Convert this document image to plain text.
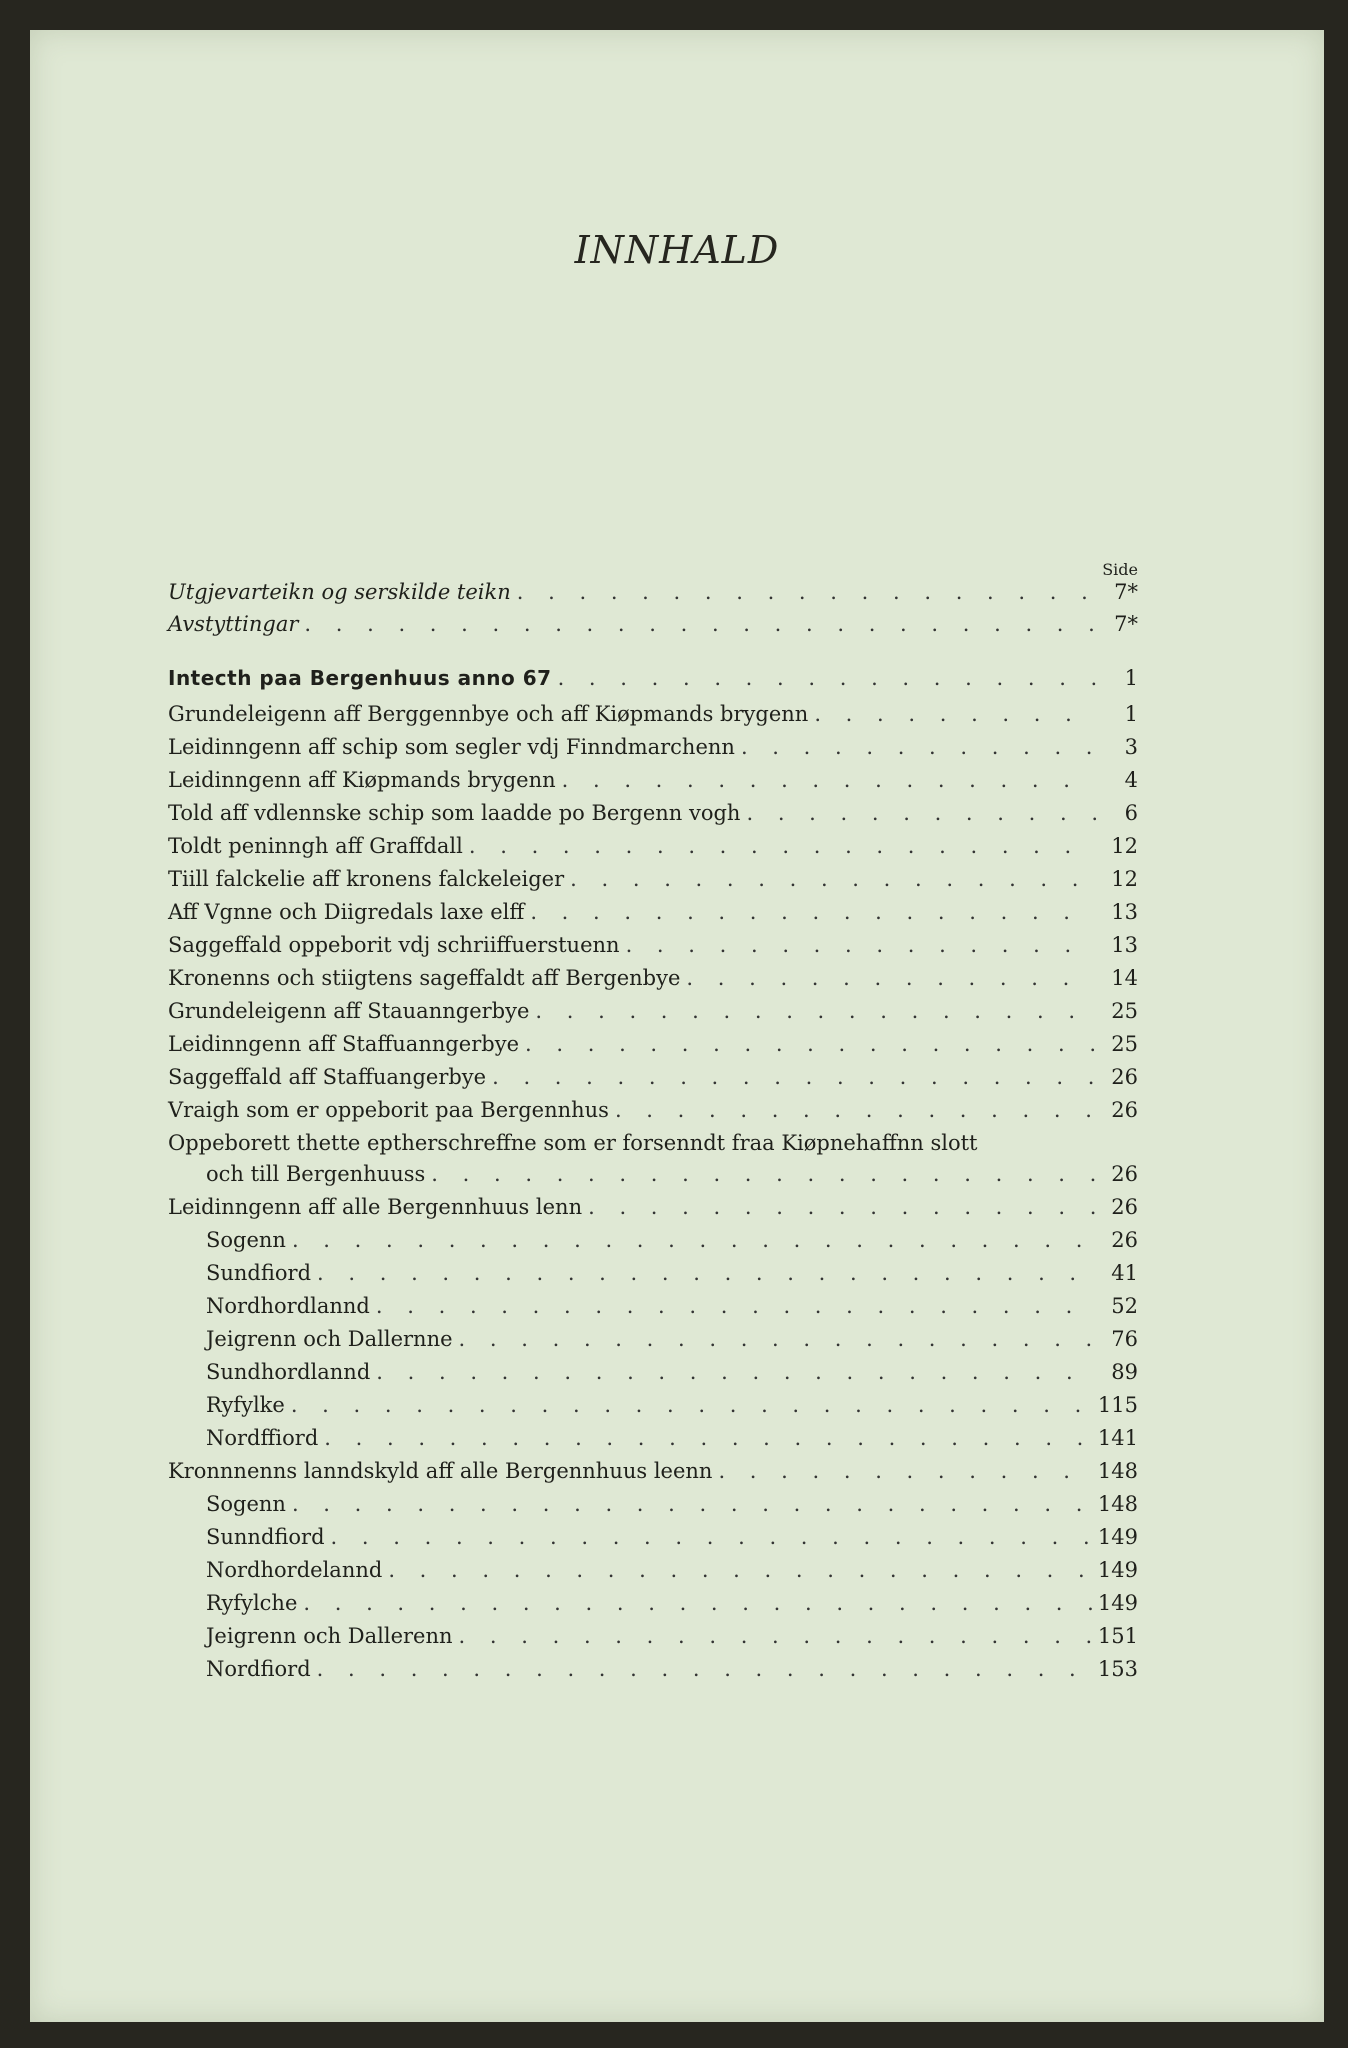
INNHALD
Side
Utgjevarteikn og serskilde teikn . . .	7*
Avstyttingar . . .	7*
Intecth paa Bergenhuus anno 67 . . .	1
Grundeleigenn aff Berggennbye och aff Kiøpmands brygenn . . .	1
Leidinngenn aff schip som segler vdj Finndmarchenn . . .	3
Leidinngenn aff Kiøpmands brygenn . . .	4
Told aff vdlennske schip som laadde po Bergenn vogh . . .	6
Toldt peninngh aff Graffdall . . .	12
Tiill falckelie aff kronens falckeleiger . . .	12
Aff Vgnne och Diigredals laxe elff . . .	13
Saggeffald oppeborit vdj schriiffuerstuenn . . .	13
Kronenns och stiigtens sageffaldt aff Bergenbye . . .	14
Grundeleigenn aff Stauanngerbye . . .	25
Leidinngenn aff Staffuanngerbye . . .	25
Saggeffald aff Staffuangerbye . . .	26
Vraigh som er oppeborit paa Bergennhus . . .	26
Oppeborett thette eptherschreffne som er forsenndt fraa Kiøpnehaffnn slott
och till Bergenhuuss . . .	26
Leidinngenn aff alle Bergennhuus lenn . . .	26
Sogenn . . .	26
Sundfiord . . .	41
Nordhordlannd . . .	52
Jeigrenn och Dallernne . . .	76
Sundhordlannd . . .	89
Ryfylke . . .	115
Nordffiord . . .	141
Kronnnenns lanndskyld aff alle Bergennhuus leenn . . .	148
Sogenn . . .	148
Sunndfiord . . .	149
Nordhordelannd . . .	149
Ryfylche . . .	149
Jeigrenn och Dallerenn . . .	151
Nordfiord . . .	153
